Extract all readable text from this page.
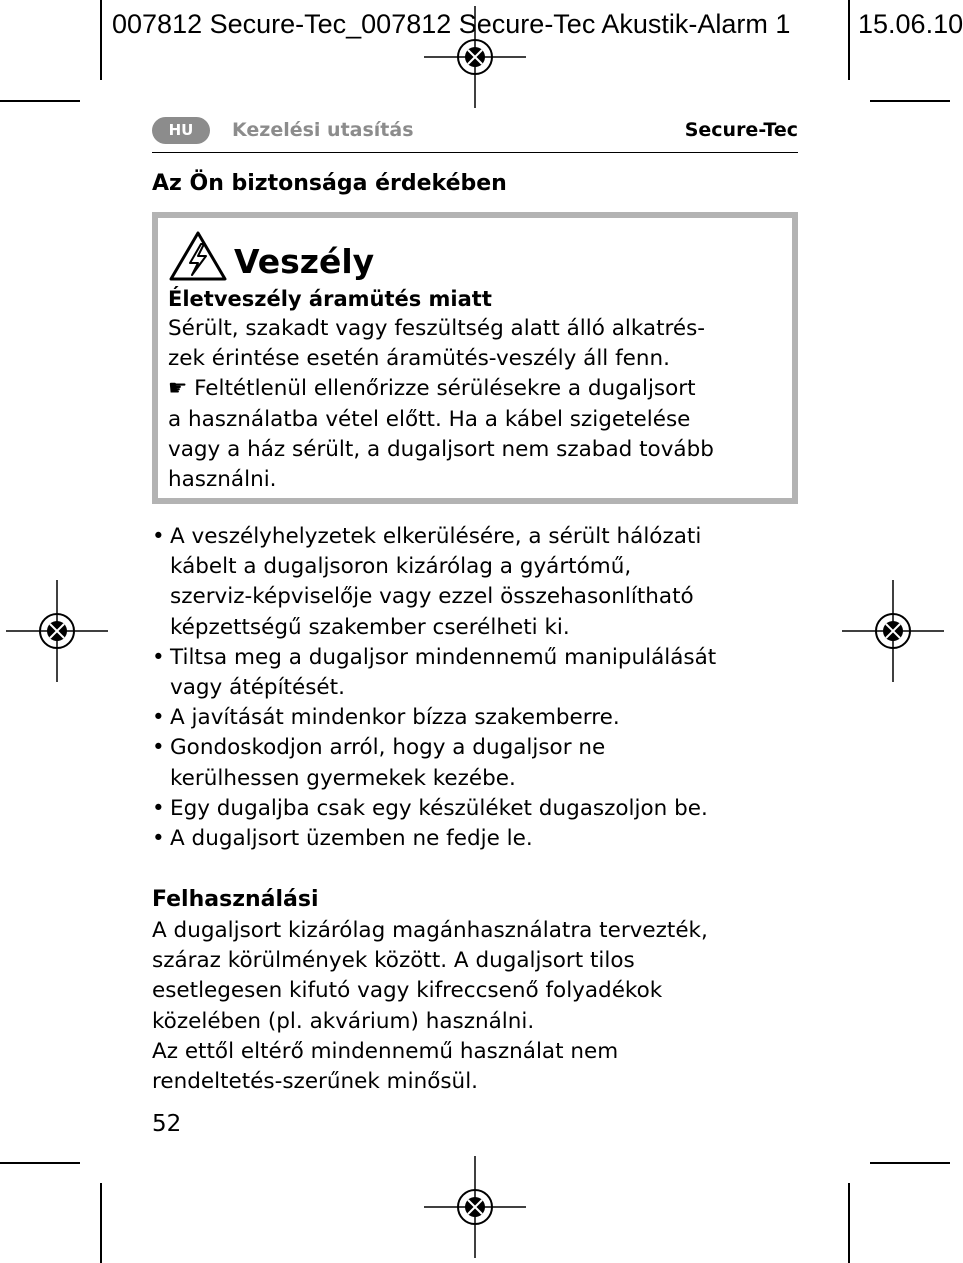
007812 Secure-Tec_007812 Secure-Tec Akustik-Alarm 1	15.06.10
HU	Kezelési utasítás	Secure-Tec
Az Ön biztonsága érdekében
Veszély
Életveszély áramütés miatt
Sérült, szakadt vagy feszültség alatt álló alkatrés-
zek érintése esetén áramütés-veszély áll fenn.
☛ Feltétlenül ellenőrizze sérülésekre a dugaljsort
a használatba vétel előtt. Ha a kábel szigetelése
vagy a ház sérült, a dugaljsort nem szabad tovább
használni.
• A veszélyhelyzetek elkerülésére, a sérült hálózati
kábelt a dugaljsoron kizárólag a gyártómű,
szerviz-képviselője vagy ezzel összehasonlítható
képzettségű szakember cserélheti ki.
• Tiltsa meg a dugaljsor mindennemű manipulálását
vagy átépítését.
• A javítását mindenkor bízza szakemberre.
• Gondoskodjon arról, hogy a dugaljsor ne
kerülhessen gyermekek kezébe.
• Egy dugaljba csak egy készüléket dugaszoljon be.
• A dugaljsort üzemben ne fedje le.
Felhasználási
A dugaljsort kizárólag magánhasználatra tervezték,
száraz körülmények között. A dugaljsort tilos
esetlegesen kifutó vagy kifreccsenő folyadékok
közelében (pl. akvárium) használni.
Az ettől eltérő mindennemű használat nem
rendeltetés-szerűnek minősül.
52
